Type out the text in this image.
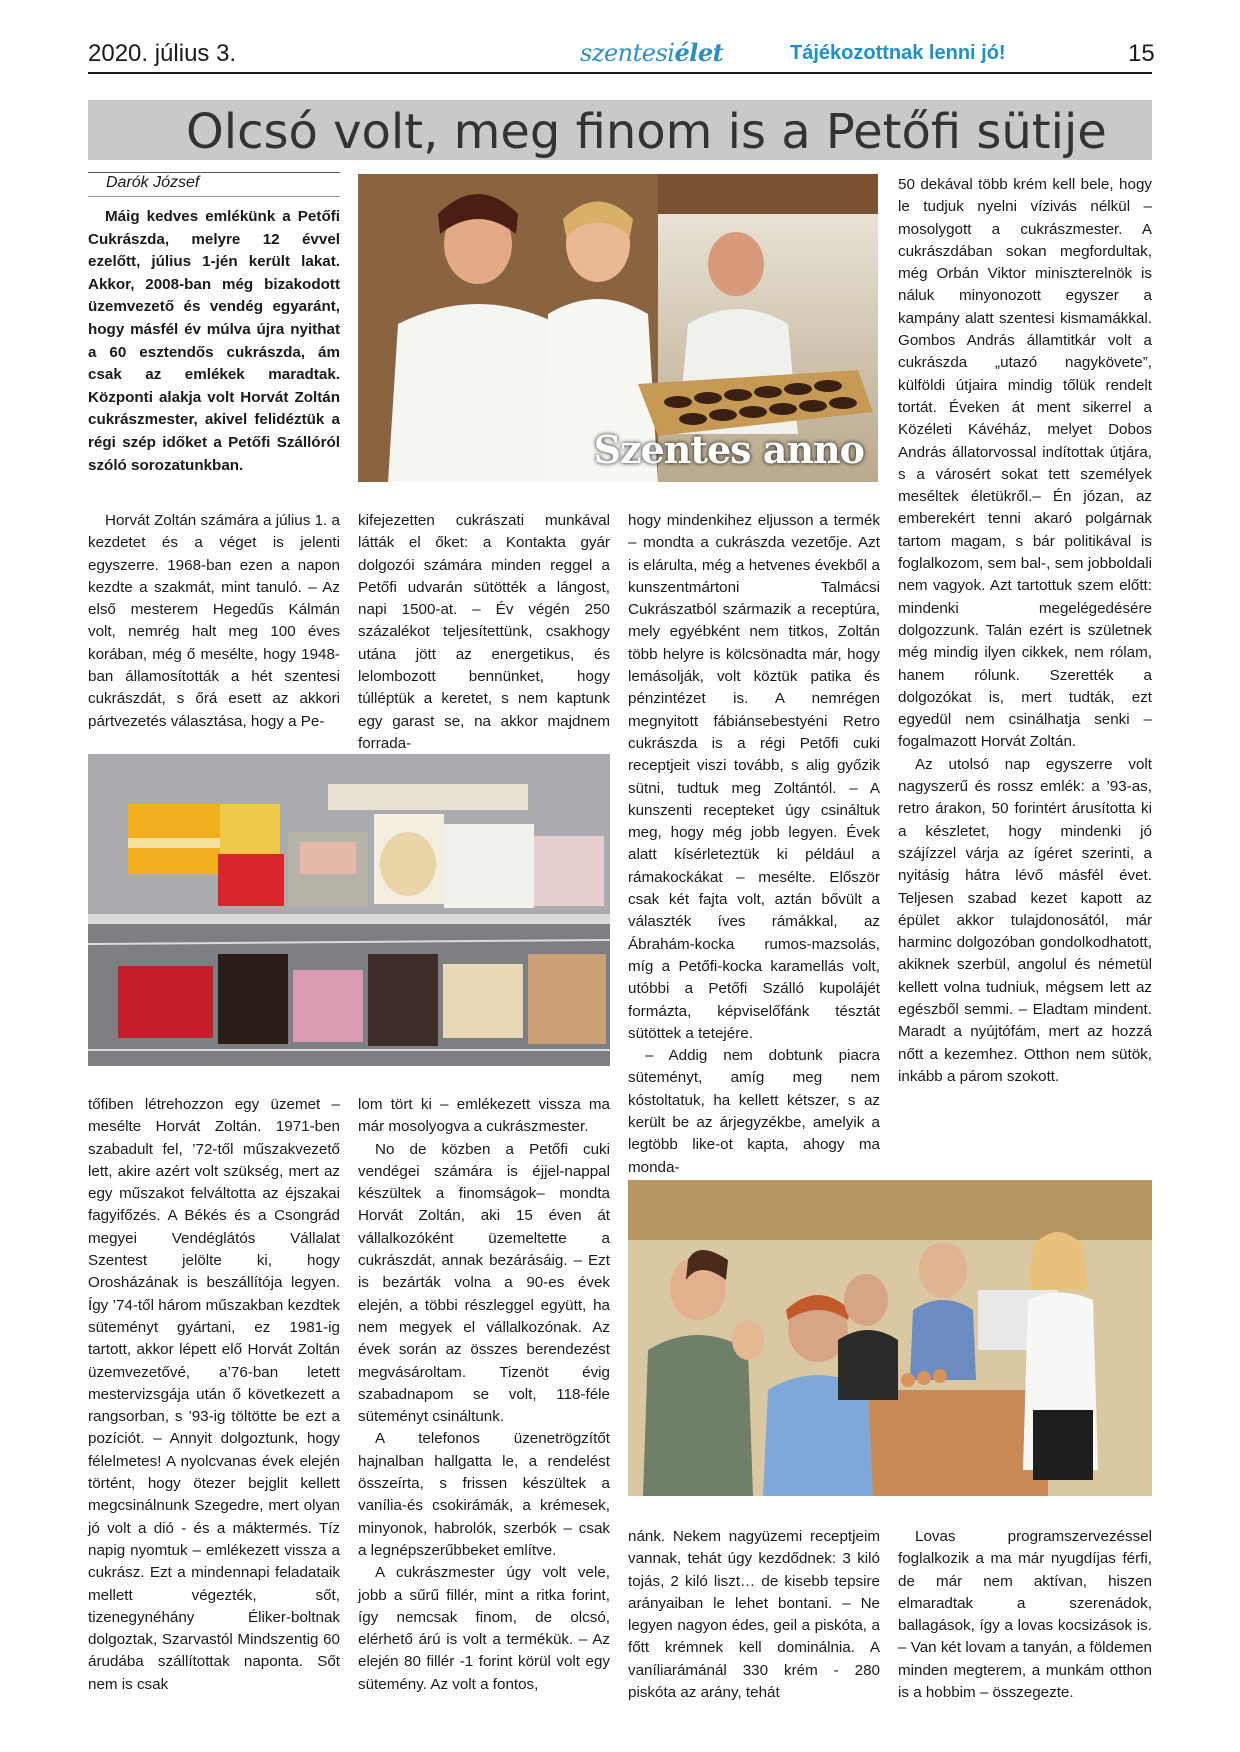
2020. július 3.	szentesiélet	Tájékozottnak lenni jó!	15
Olcsó volt, meg finom is a Petőfi sütije
Darók József
Máig kedves emlékünk a Petőfi Cukrászda, melyre 12 évvel ezelőtt, július 1-jén került lakat. Akkor, 2008-ban még bizakodott üzemvezető és vendég egyaránt, hogy másfél év múlva újra nyithat a 60 esztendős cukrászda, ám csak az emlékek maradtak. Központi alakja volt Horvát Zoltán cukrászmester, akivel felidéztük a régi szép időket a Petőfi Szállóról szóló sorozatunkban.

Horvát Zoltán számára a július 1. a kezdetet és a véget is jelenti egyszerre. 1968-ban ezen a napon kezdte a szakmát, mint tanuló. – Az első mesterem Hegedűs Kálmán volt, nemrég halt meg 100 éves korában, még ő mesélte, hogy 1948-ban államosították a hét szentesi cukrászdát, s őrá esett az akkori pártvezetés választása, hogy a Pe-

Szentes anno

kifejezetten cukrászati munkával látták el őket: a Kontakta gyár dolgozói számára minden reggel a Petőfi udvarán sütötték a lángost, napi 1500-at. – Év végén 250 százalékot teljesítettünk, csakhogy utána jött az energetikus, és lelombozott bennünket, hogy túlléptük a keretet, s nem kaptunk egy garast se, na akkor majdnem forrada-

hogy mindenkihez eljusson a termék – mondta a cukrászda vezetője. Azt is elárulta, még a hetvenes évekből a kunszentmártoni Talmácsi Cukrászatból származik a receptúra, mely egyébként nem titkos, Zoltán több helyre is kölcsönadta már, hogy lemásolják, volt köztük patika és pénzintézet is. A nemrégen megnyitott fábiánsebestyéni Retro cukrászda is a régi Petőfi cuki receptjeit viszi tovább, s alig győzik sütni, tudtuk meg Zoltántól. – A kunszenti recepteket úgy csináltuk meg, hogy még jobb legyen. Évek alatt kísérleteztük ki például a rámakockákat – mesélte. Először csak két fajta volt, aztán bővült a választék íves rámákkal, az Ábrahám-kocka rumos-mazsolás, míg a Petőfi-kocka karamellás volt, utóbbi a Petőfi Szálló kupolájét formázta, képviselőfánk tésztát sütöttek a tetejére.

– Addig nem dobtunk piacra süteményt, amíg meg nem kóstoltatuk, ha kellett kétszer, s az került be az árjegyzékbe, amelyik a legtöbb like-ot kapta, ahogy ma monda-

50 dekával több krém kell bele, hogy le tudjuk nyelni vízivás nélkül – mosolygott a cukrászmester. A cukrászdában sokan megfordultak, még Orbán Viktor miniszterelnök is náluk minyonozott egyszer a kampány alatt szentesi kismamákkal. Gombos András államtitkár volt a cukrászda „utazó nagykövete”, külföldi útjaira mindig tőlük rendelt tortát. Éveken át ment sikerrel a Közéleti Kávéház, melyet Dobos András állatorvossal indítottak útjára, s a városért sokat tett személyek meséltek életükről.– Én józan, az emberekért tenni akaró polgárnak tartom magam, s bár politikával is foglalkozom, sem bal-, sem jobboldali nem vagyok. Azt tartottuk szem előtt: mindenki megelégedésére dolgozzunk. Talán ezért is születnek még mindig ilyen cikkek, nem rólam, hanem rólunk. Szerették a dolgozókat is, mert tudták, ezt egyedül nem csinálhatja senki – fogalmazott Horvát Zoltán.

Az utolsó nap egyszerre volt nagyszerű és rossz emlék: a ’93-as, retro árakon, 50 forintért árusította ki a készletet, hogy mindenki jó szájízzel várja az ígéret szerinti, a nyitásig hátra lévő másfél évet. Teljesen szabad kezet kapott az épület akkor tulajdonosától, már harminc dolgozóban gondolkodhatott, akiknek szerbül, angolul és németül kellett volna tudniuk, mégsem lett az egészből semmi. – Eladtam mindent. Maradt a nyújtófám, mert az hozzá nőtt a kezemhez. Otthon nem sütök, inkább a párom szokott.

tőfiben létrehozzon egy üzemet – mesélte Horvát Zoltán. 1971-ben szabadult fel, ’72-től műszakvezető lett, akire azért volt szükség, mert az egy műszakot felváltotta az éjszakai fagyifőzés. A Békés és a Csongrád megyei Vendéglátós Vállalat Szentest jelölte ki, hogy Orosházának is beszállítója legyen. Így ’74-től három műszakban kezdtek süteményt gyártani, ez 1981-ig tartott, akkor lépett elő Horvát Zoltán üzemvezetővé, a’76-ban letett mestervizsgája után ő következett a rangsorban, s ’93-ig töltötte be ezt a pozíciót. – Annyit dolgoztunk, hogy félelmetes! A nyolcvanas évek elején történt, hogy ötezer bejglit kellett megcsinálnunk Szegedre, mert olyan jó volt a dió - és a máktermés. Tíz napig nyomtuk – emlékezett vissza a cukrász. Ezt a mindennapi feladataik mellett végezték, sőt, tizenegynéhány Éliker-boltnak dolgoztak, Szarvastól Mindszentig 60 árudába szállítottak naponta. Sőt nem is csak

lom tört ki – emlékezett vissza ma már mosolyogva a cukrászmester.

No de közben a Petőfi cuki vendégei számára is éjjel-nappal készültek a finomságok– mondta Horvát Zoltán, aki 15 éven át vállalkozóként üzemeltette a cukrászdát, annak bezárásáig. – Ezt is bezárták volna a 90-es évek elején, a többi részleggel együtt, ha nem megyek el vállalkozónak. Az évek során az összes berendezést megvásároltam. Tizenöt évig szabadnapom se volt, 118-féle süteményt csináltunk.

A telefonos üzenetrögzítőt hajnalban hallgatta le, a rendelést összeírta, s frissen készültek a vanília-és csokirámák, a krémesek, minyonok, habrolók, szerbók – csak a legnépszerűbbeket említve.

A cukrászmester úgy volt vele, jobb a sűrű fillér, mint a ritka forint, így nemcsak finom, de olcsó, elérhető árú is volt a termékük. – Az elején 80 fillér -1 forint körül volt egy sütemény. Az volt a fontos,

nánk. Nekem nagyüzemi receptjeim vannak, tehát úgy kezdődnek: 3 kiló tojás, 2 kiló liszt… de kisebb tepsire arányaiban le lehet bontani. – Ne legyen nagyon édes, geil a piskóta, a főtt krémnek kell dominálnia. A vaníliarámánál 330 krém - 280 piskóta az arány, tehát

Lovas programszervezéssel foglalkozik a ma már nyugdíjas férfi, de már nem aktívan, hiszen elmaradtak a szerenádok, ballagások, így a lovas kocsizások is. – Van két lovam a tanyán, a földemen minden megterem, a munkám otthon is a hobbim – összegezte.
